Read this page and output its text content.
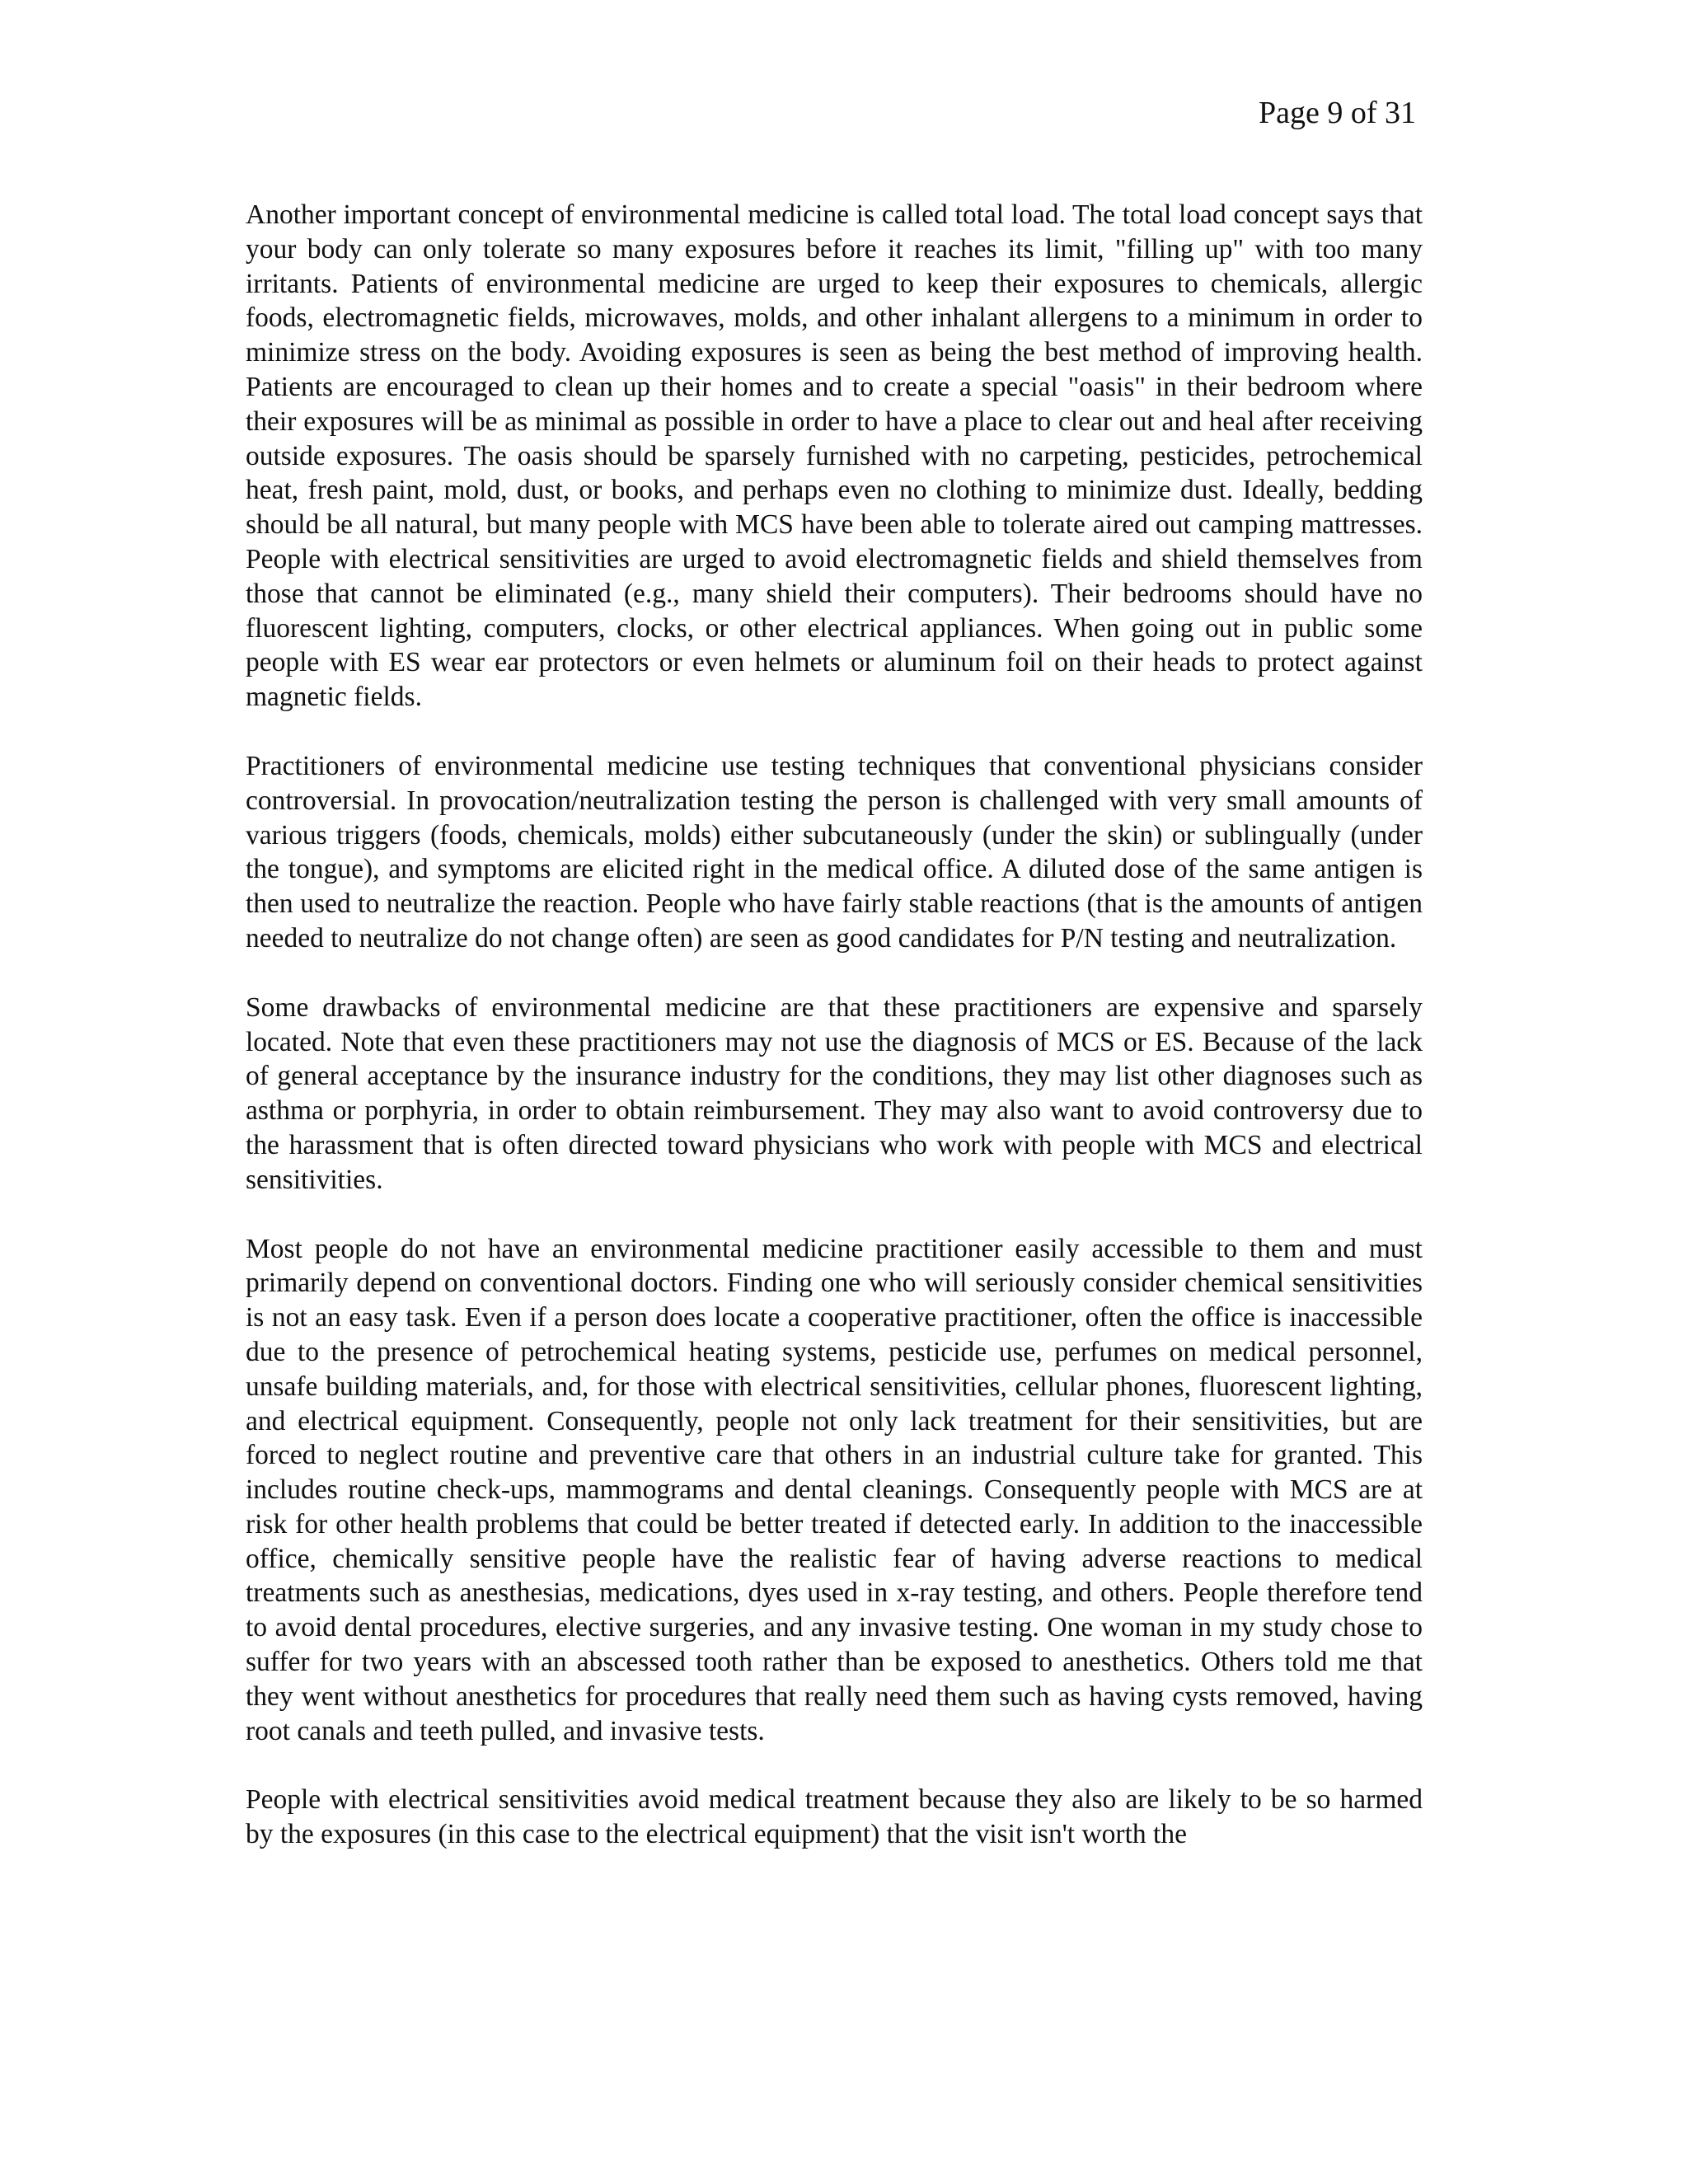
Page 9 of 31

Another important concept of environmental medicine is called total load. The total load concept says that your body can only tolerate so many exposures before it reaches its limit, "filling up" with too many irritants. Patients of environmental medicine are urged to keep their exposures to chemicals, allergic foods, electromagnetic fields, microwaves, molds, and other inhalant allergens to a minimum in order to minimize stress on the body. Avoiding exposures is seen as being the best method of improving health. Patients are encouraged to clean up their homes and to create a special "oasis" in their bedroom where their exposures will be as minimal as possible in order to have a place to clear out and heal after receiving outside exposures. The oasis should be sparsely furnished with no carpeting, pesticides, petrochemical heat, fresh paint, mold, dust, or books, and perhaps even no clothing to minimize dust. Ideally, bedding should be all natural, but many people with MCS have been able to tolerate aired out camping mattresses. People with electrical sensitivities are urged to avoid electromagnetic fields and shield themselves from those that cannot be eliminated (e.g., many shield their computers). Their bedrooms should have no fluorescent lighting, computers, clocks, or other electrical appliances. When going out in public some people with ES wear ear protectors or even helmets or aluminum foil on their heads to protect against magnetic fields.

Practitioners of environmental medicine use testing techniques that conventional physicians consider controversial. In provocation/neutralization testing the person is challenged with very small amounts of various triggers (foods, chemicals, molds) either subcutaneously (under the skin) or sublingually (under the tongue), and symptoms are elicited right in the medical office. A diluted dose of the same antigen is then used to neutralize the reaction. People who have fairly stable reactions (that is the amounts of antigen needed to neutralize do not change often) are seen as good candidates for P/N testing and neutralization.

Some drawbacks of environmental medicine are that these practitioners are expensive and sparsely located. Note that even these practitioners may not use the diagnosis of MCS or ES. Because of the lack of general acceptance by the insurance industry for the conditions, they may list other diagnoses such as asthma or porphyria, in order to obtain reimbursement. They may also want to avoid controversy due to the harassment that is often directed toward physicians who work with people with MCS and electrical sensitivities.

Most people do not have an environmental medicine practitioner easily accessible to them and must primarily depend on conventional doctors. Finding one who will seriously consider chemical sensitivities is not an easy task. Even if a person does locate a cooperative practitioner, often the office is inaccessible due to the presence of petrochemical heating systems, pesticide use, perfumes on medical personnel, unsafe building materials, and, for those with electrical sensitivities, cellular phones, fluorescent lighting, and electrical equipment. Consequently, people not only lack treatment for their sensitivities, but are forced to neglect routine and preventive care that others in an industrial culture take for granted. This includes routine check-ups, mammograms and dental cleanings. Consequently people with MCS are at risk for other health problems that could be better treated if detected early. In addition to the inaccessible office, chemically sensitive people have the realistic fear of having adverse reactions to medical treatments such as anesthesias, medications, dyes used in x-ray testing, and others. People therefore tend to avoid dental procedures, elective surgeries, and any invasive testing. One woman in my study chose to suffer for two years with an abscessed tooth rather than be exposed to anesthetics. Others told me that they went without anesthetics for procedures that really need them such as having cysts removed, having root canals and teeth pulled, and invasive tests.

People with electrical sensitivities avoid medical treatment because they also are likely to be so harmed by the exposures (in this case to the electrical equipment) that the visit isn't worth the
